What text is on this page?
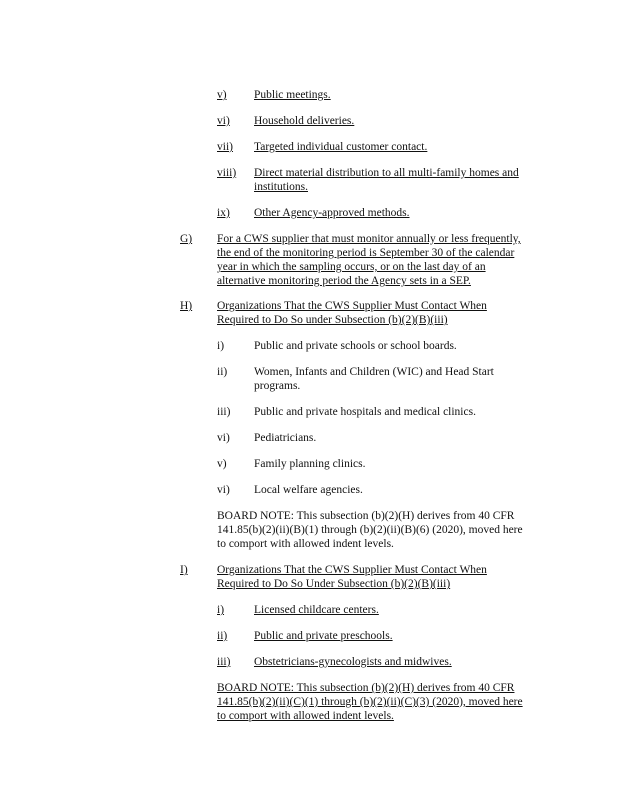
v) Public meetings.
vi) Household deliveries.
vii) Targeted individual customer contact.
viii) Direct material distribution to all multi-family homes and
institutions.
ix) Other Agency-approved methods.
G) For a CWS supplier that must monitor annually or less frequently,
the end of the monitoring period is September 30 of the calendar
year in which the sampling occurs, or on the last day of an
alternative monitoring period the Agency sets in a SEP.
H) Organizations That the CWS Supplier Must Contact When
Required to Do So under Subsection (b)(2)(B)(iii)
i)	Public and private schools or school boards.
ii) Women, Infants and Children (WIC) and Head Start
programs.
iii) Public and private hospitals and medical clinics.
vi) Pediatricians.
v) Family planning clinics.
vi) Local welfare agencies.
BOARD NOTE: This subsection (b)(2)(H) derives from 40 CFR
141.85(b)(2)(ii)(B)(1) through (b)(2)(ii)(B)(6) (2020), moved here
to comport with allowed indent levels.
I)	Organizations That the CWS Supplier Must Contact When
Required to Do So Under Subsection (b)(2)(B)(iii)
i)	Licensed childcare centers.
ii) Public and private preschools.
iii) Obstetricians-gynecologists and midwives.
BOARD NOTE: This subsection (b)(2)(H) derives from 40 CFR
141.85(b)(2)(ii)(C)(1) through (b)(2)(ii)(C)(3) (2020), moved here
to comport with allowed indent levels.
